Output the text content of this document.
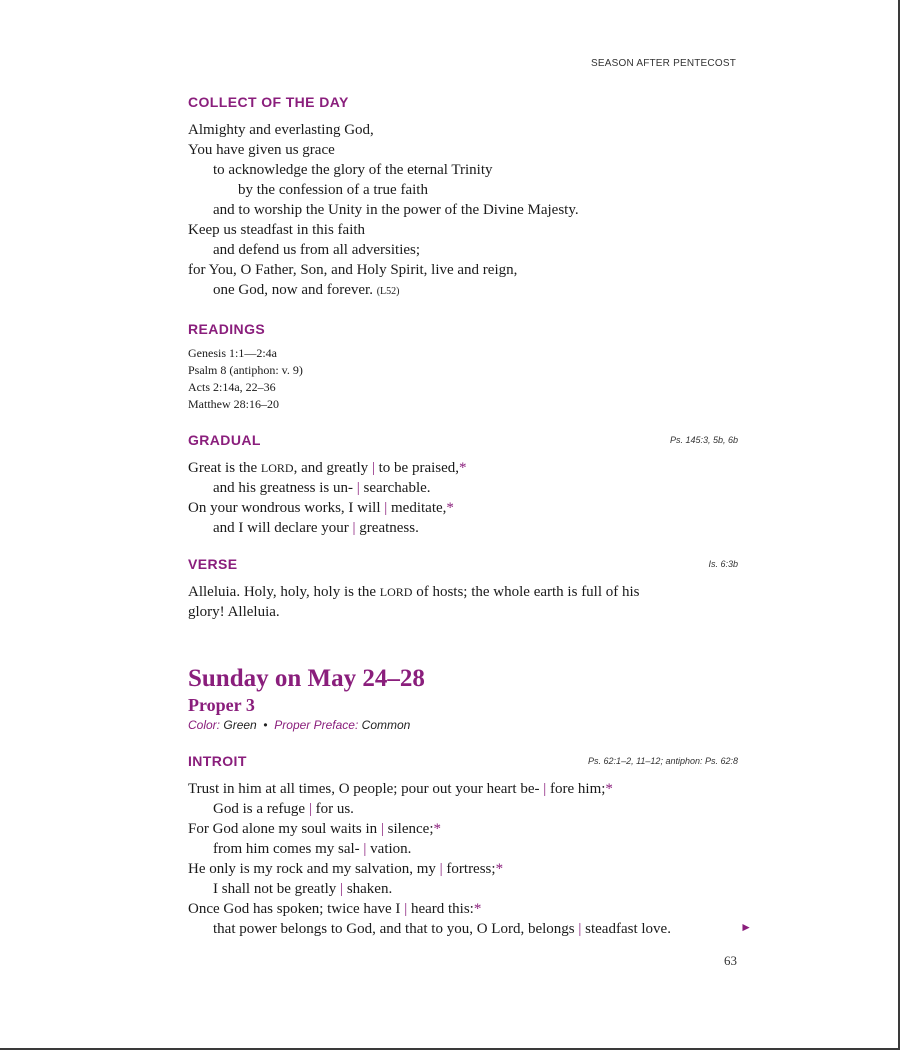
SEASON AFTER PENTECOST
COLLECT OF THE DAY
Almighty and everlasting God,
You have given us grace
to acknowledge the glory of the eternal Trinity
by the confession of a true faith
and to worship the Unity in the power of the Divine Majesty.
Keep us steadfast in this faith
and defend us from all adversities;
for You, O Father, Son, and Holy Spirit, live and reign,
one God, now and forever. (L52)
READINGS
Genesis 1:1—2:4a
Psalm 8 (antiphon: v. 9)
Acts 2:14a, 22–36
Matthew 28:16–20
GRADUAL	Ps. 145:3, 5b, 6b
Great is the LORD, and greatly | to be praised,*
and his greatness is un- | searchable.
On your wondrous works, I will | meditate,*
and I will declare your | greatness.
VERSE	Is. 6:3b
Alleluia. Holy, holy, holy is the LORD of hosts; the whole earth is full of his
glory! Alleluia.
Sunday on May 24–28
Proper 3
Color: Green • Proper Preface: Common
INTROIT	Ps. 62:1–2, 11–12; antiphon: Ps. 62:8
Trust in him at all times, O people; pour out your heart be- | fore him;*
God is a refuge | for us.
For God alone my soul waits in | silence;*
from him comes my sal- | vation.
He only is my rock and my salvation, my | fortress;*
I shall not be greatly | shaken.
Once God has spoken; twice have I | heard this:*
that power belongs to God, and that to you, O Lord, belongs | steadfast love.	►
63
